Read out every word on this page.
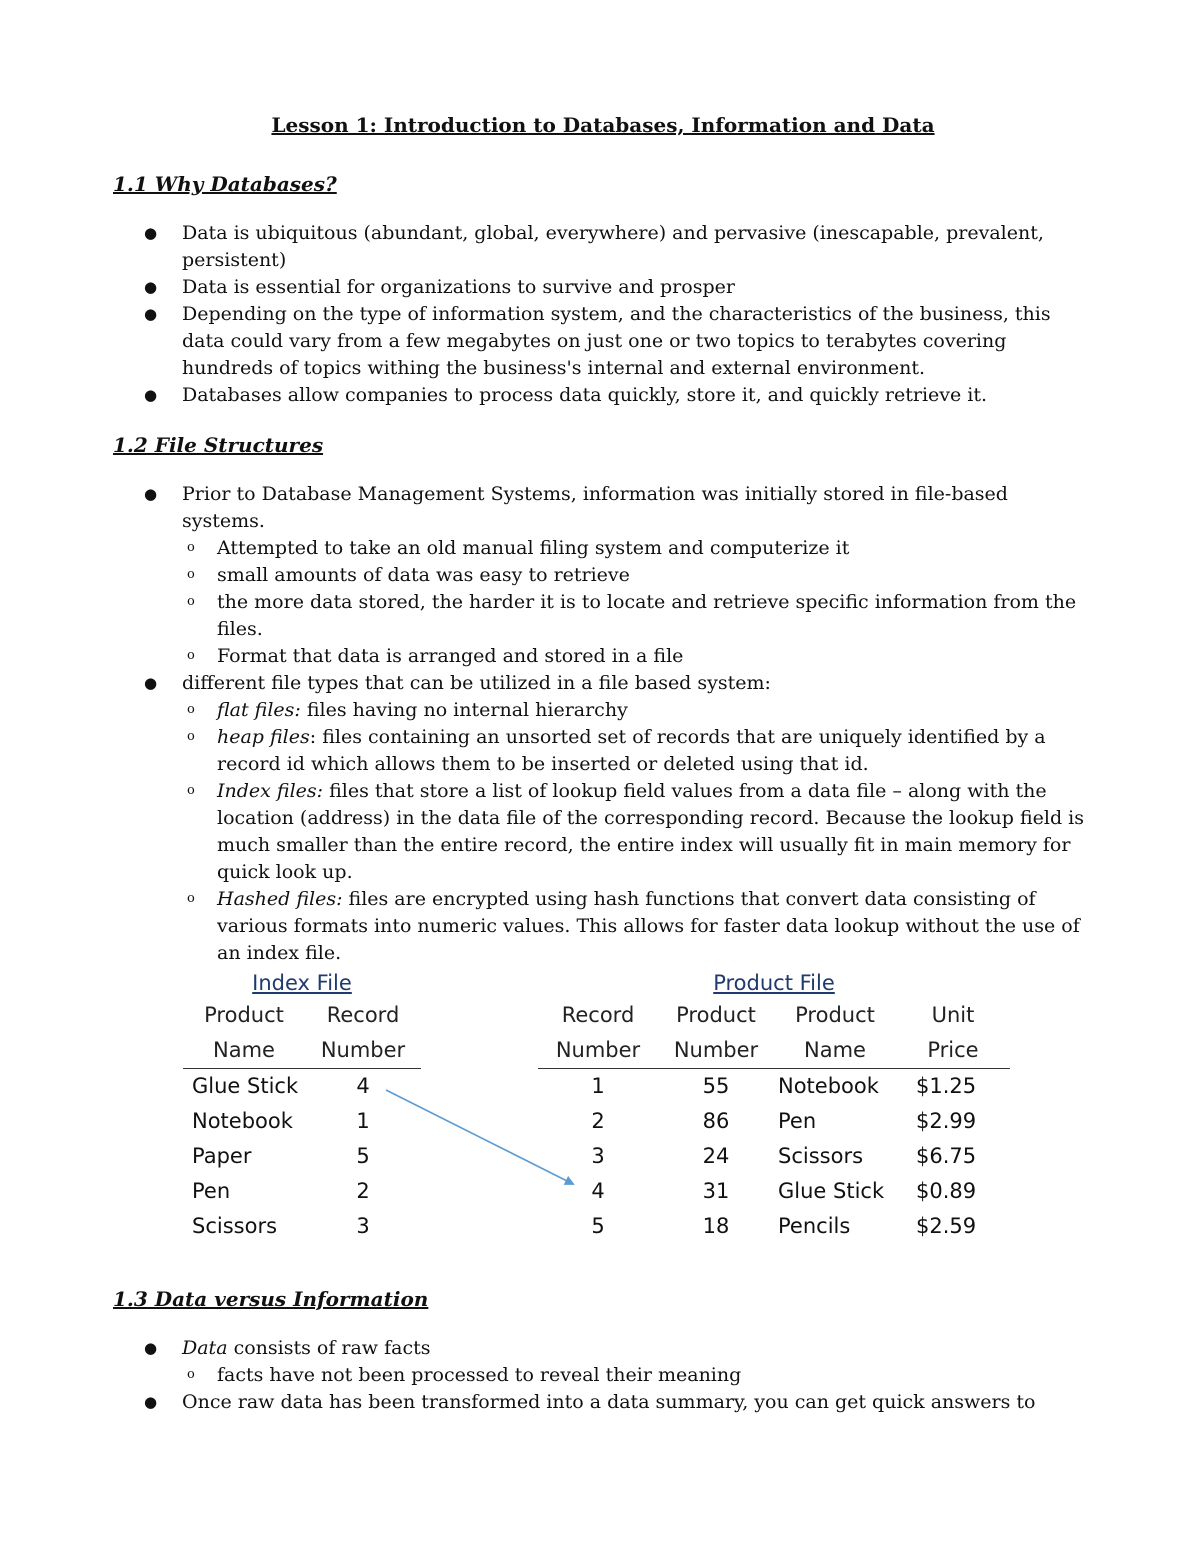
Lesson 1: Introduction to Databases, Information and Data
1.1 Why Databases?
● Data is ubiquitous (abundant, global, everywhere) and pervasive (inescapable, prevalent, persistent)
● Data is essential for organizations to survive and prosper
● Depending on the type of information system, and the characteristics of the business, this data could vary from a few megabytes on just one or two topics to terabytes covering hundreds of topics withing the business's internal and external environment.
● Databases allow companies to process data quickly, store it, and quickly retrieve it.
1.2 File Structures
● Prior to Database Management Systems, information was initially stored in file-based systems.
o Attempted to take an old manual filing system and computerize it
o small amounts of data was easy to retrieve
o the more data stored, the harder it is to locate and retrieve specific information from the files.
o Format that data is arranged and stored in a file
● different file types that can be utilized in a file based system:
o flat files: files having no internal hierarchy
o heap files: files containing an unsorted set of records that are uniquely identified by a record id which allows them to be inserted or deleted using that id.
o Index files: files that store a list of lookup field values from a data file – along with the location (address) in the data file of the corresponding record. Because the lookup field is much smaller than the entire record, the entire index will usually fit in main memory for quick look up.
o Hashed files: files are encrypted using hash functions that convert data consisting of various formats into numeric values. This allows for faster data lookup without the use of an index file.
Index File
Product	Record
Name	Number
Glue Stick	4
Notebook	1
Paper	5
Pen	2
Scissors	3
Product File
Record	Product	Product	Unit
Number	Number	Name	Price
1	55	Notebook	$1.25
2	86	Pen	$2.99
3	24	Scissors	$6.75
4	31	Glue Stick	$0.89
5	18	Pencils	$2.59
1.3 Data versus Information
● Data consists of raw facts
o facts have not been processed to reveal their meaning
● Once raw data has been transformed into a data summary, you can get quick answers to
